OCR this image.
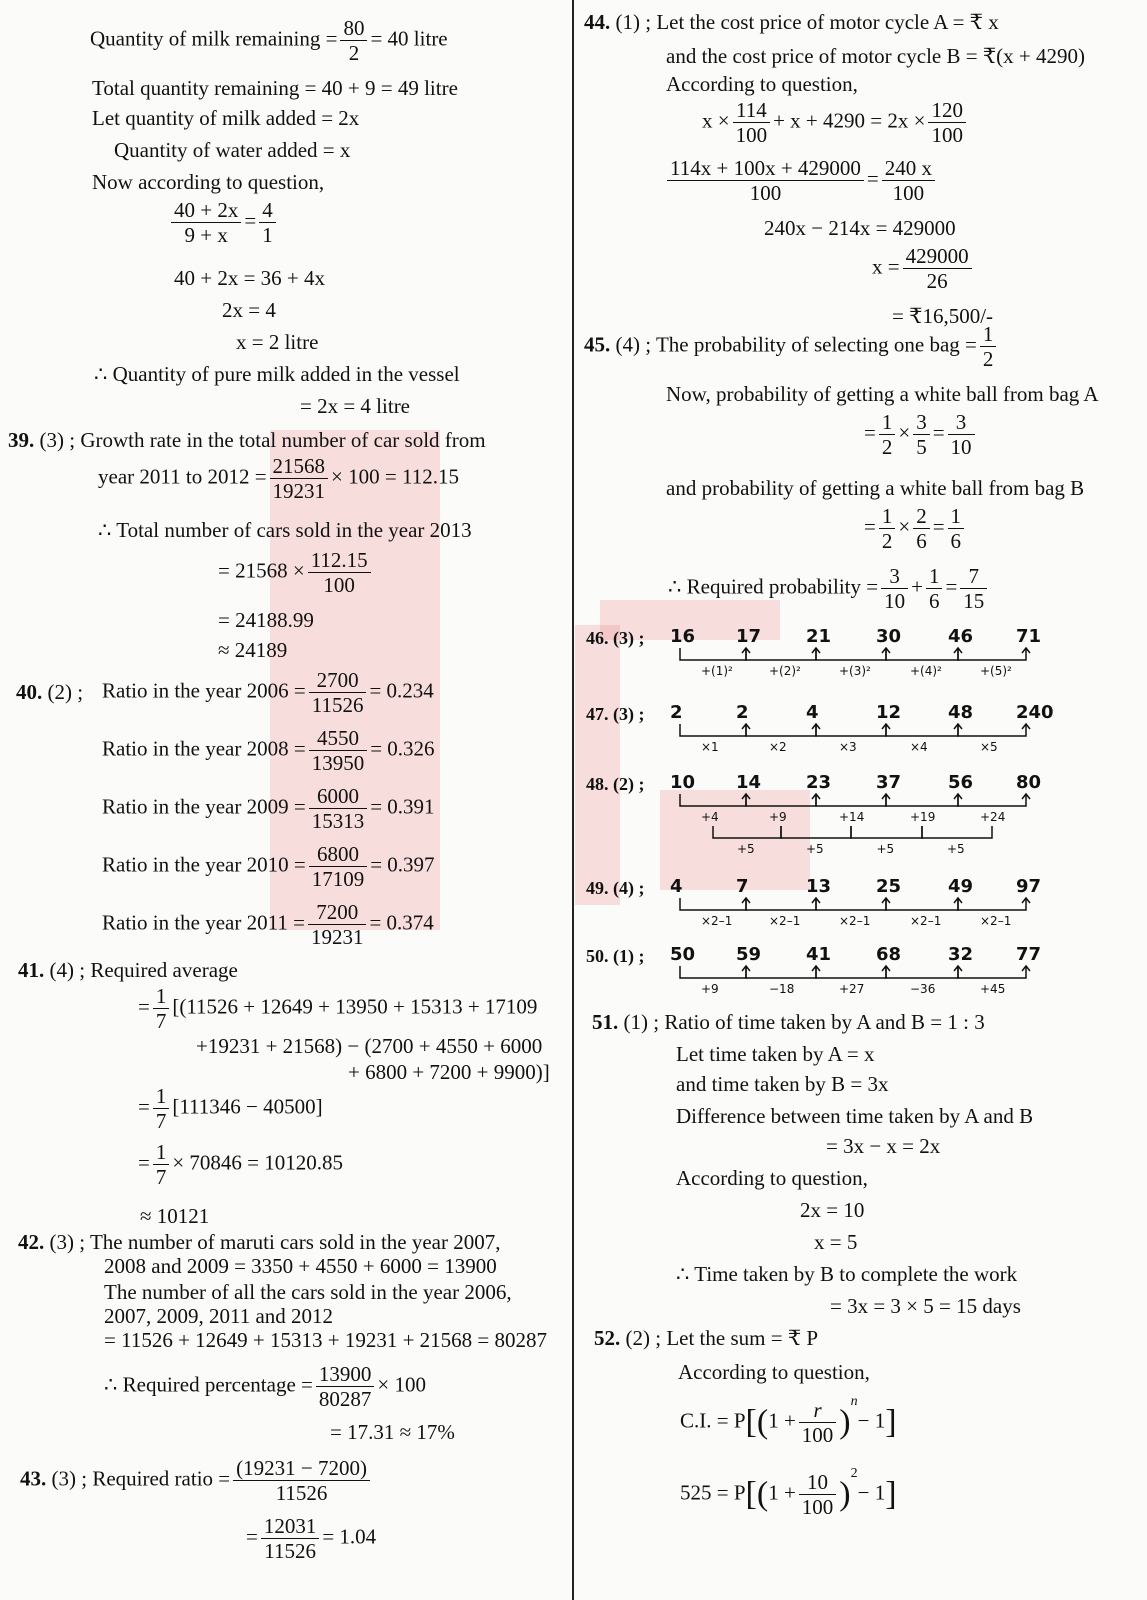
Quantity of milk remaining = $\frac{80}{2} = 40$ litre
Total quantity remaining = 40 + 9 = 49 litre
Let quantity of milk added = 2x
Quantity of water added = x
Now according to question,
$\frac{40 + 2x}{9 + x} = \frac{4}{1}$
40 + 2x = 36 + 4x
2x = 4
x = 2 litre
∴ Quantity of pure milk added in the vessel
= 2x = 4 litre
39. (3) ; Growth rate in the total number of car sold from
year 2011 to $2012 = \frac{21568}{19231} \times 100 = 112.15$
∴ Total number of cars sold in the year 2013
= $21568 \times \frac{112.15}{100}$
= 24188.99
≈ 24189
40. (2) ; Ratio in the year $2006 = \frac{2700}{11526} = 0.234$
Ratio in the year $2008 = \frac{4550}{13950} = 0.326$
Ratio in the year $2009 = \frac{6000}{15313} = 0.391$
Ratio in the year $2010 = \frac{6800}{17109} = 0.397$
Ratio in the year $2011 = \frac{7200}{19231} = 0.374$
41. (4) ; Required average
= $\frac{1}{7} [(11526 + 12649 + 13950 + 15313 + 17109$
+19231 + 21568) − (2700 + 4550 + 6000
+ 6800 + 7200 + 9900)]
= $\frac{1}{7} [111346 - 40500]$
= $\frac{1}{7} \times 70846 = 10120.85$
≈ 10121
42. (3) ; The number of maruti cars sold in the year 2007,
2008 and 2009 = 3350 + 4550 + 6000 = 13900
The number of all the cars sold in the year 2006,
2007, 2009, 2011 and 2012
= 11526 + 12649 + 15313 + 19231 + 21568 = 80287
∴ Required percentage = $\frac{13900}{80287} \times 100$
= 17.31 ≈ 17%
43. (3) ; Required ratio = $\frac{(19231 - 7200)}{11526}$
= $\frac{12031}{11526} = 1.04$
44. (1) ; Let the cost price of motor cycle A = ₹ x
and the cost price of motor cycle B = ₹(x + 4290)
According to question,
$x \times \frac{114}{100} + x + 4290 = 2x \times \frac{120}{100}$
$\frac{114x + 100x + 429000}{100} = \frac{240 x}{100}$
240x − 214x = 429000
$x = \frac{429000}{26}$
= ₹16,500/-
45. (4) ; The probability of selecting one bag = $\frac{1}{2}$
Now, probability of getting a white ball from bag A
= $\frac{1}{2} \times \frac{3}{5} = \frac{3}{10}$
and probability of getting a white ball from bag B
= $\frac{1}{2} \times \frac{2}{6} = \frac{1}{6}$
∴ Required probability = $\frac{3}{10} + \frac{1}{6} = \frac{7}{15}$
46. (3) ; 16 17 21 30	46 71
+(1)²	+(2)²	+(3)²	+(4)²	+(5)²
47. (3) ; 2	2	4	12	48 240
×1	×2	×3	×4	×5
48. (2) ; 10 14 23 37	56 80
+4	+9	+14	+19	+24
+5	+5	+5	+5
49. (4) ; 4	7	13 25	49 97
×2–1	×2–1	×2–1	×2–1	×2–1
50. (1) ; 50 59 41 68	32 77
+9	−18	+27	−36	+45
51. (1) ; Ratio of time taken by A and B = 1 : 3
Let time taken by A = x
and time taken by B = 3x
Difference between time taken by A and B
= 3x − x = 2x
According to question,
2x = 10
x = 5
∴ Time taken by B to complete the work
= 3x = 3 × 5 = 15 days
52. (2) ; Let the sum = ₹ P
According to question,
C.I. = $P[(1 + \frac{r}{100} )^n- 1]$
$525 = P[(1 + \frac{10}{100} )^2- 1]$
